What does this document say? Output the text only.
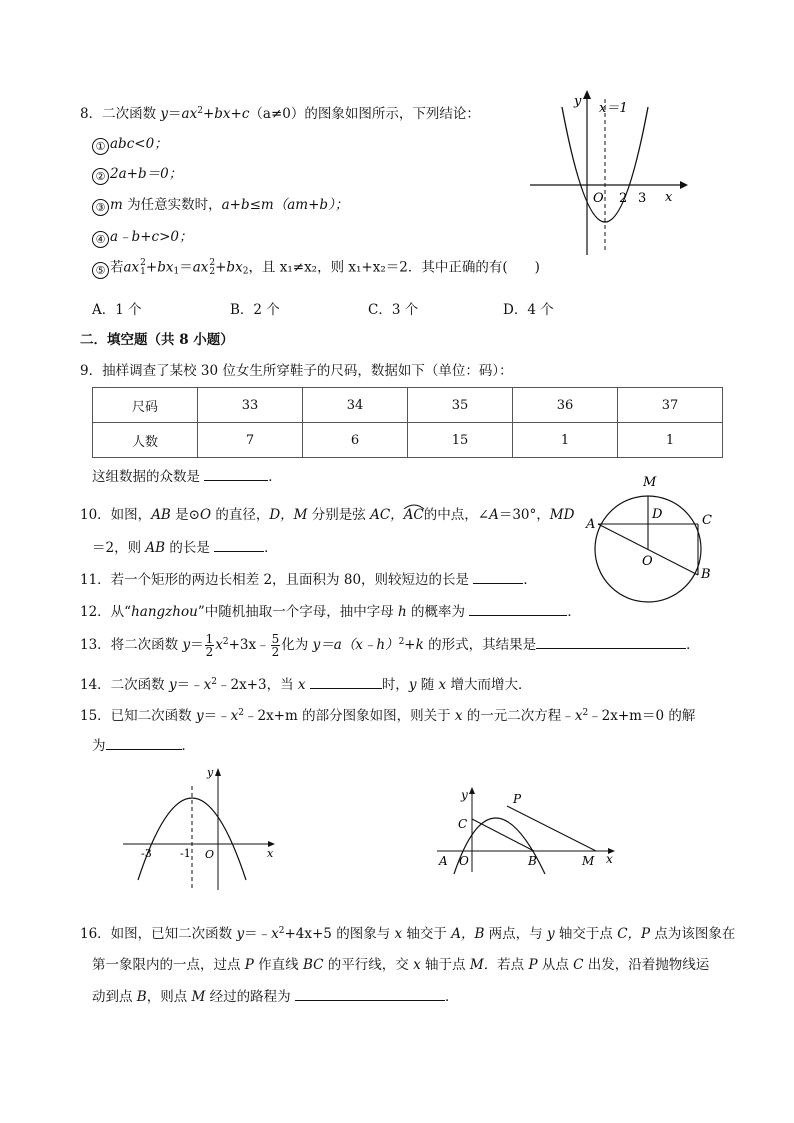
8．二次函数 $y=ax^2+bx+c(a\ne 0)$的图象如图所示，下列结论：
① abc<0；
② 2a+b＝0；
③ m 为任意实数时，a+b≤m（am+b）；
④ a﹣b+c>0；
⑤ 若ax 2
$1 +bx_1=ax$ 2
$2 +bx_2$，且 x₁≠x₂，则 x₁+x₂＝2．其中正确的有(　　)
A．1 个	B．2 个	C．3 个	D．4 个
y x＝1
O 2 3 x
二．填空题（共 8 小题）
9．抽样调查了某校 30 位女生所穿鞋子的尺码，数据如下（单位：码）：
尺码	33	34	35	36	37
人数	7	6	15	1	1
这组数据的众数是	．
10．如图，AB 是⊙O 的直径，D，M 分别是弦 AC，
AC的中点，∠A＝30°，MD
＝2，则 AB 的长是	．
M
A
D	C
O
B
11．若一个矩形的两边长相差 2，且面积为 80，则较短边的长是	．
12．从“hangzhou”中随机抽取一个字母，抽中字母 h 的概率为	．
13．将二次函数 $y= \frac{1}{2}$ $x^2+3x﹣ \frac{5}{2}$ 化为 y＝a（x﹣h）$^2$+k 的形式，其结果是	．
14．二次函数 $y=﹣x^2﹣2x+3$，当 x	时，y 随 x 增大而增大．
15．已知二次函数 $y=﹣x^2﹣2x+m$ 的部分图象如图，则关于 x 的一元二次方程$﹣x^2﹣2x+m=0$ 的解
为	．
y
x
-3	-1 O
y	P
C
A O	B	M x
16．如图，已知二次函数 $y=﹣x^2+4x+5$ 的图象与 x 轴交于 A，B 两点，与 y 轴交于点 C，P 点为该图象在
第一象限内的一点，过点 P 作直线 BC 的平行线，交 x 轴于点 M．若点 P 从点 C 出发，沿着抛物线运
动到点 B，则点 M 经过的路程为	．
